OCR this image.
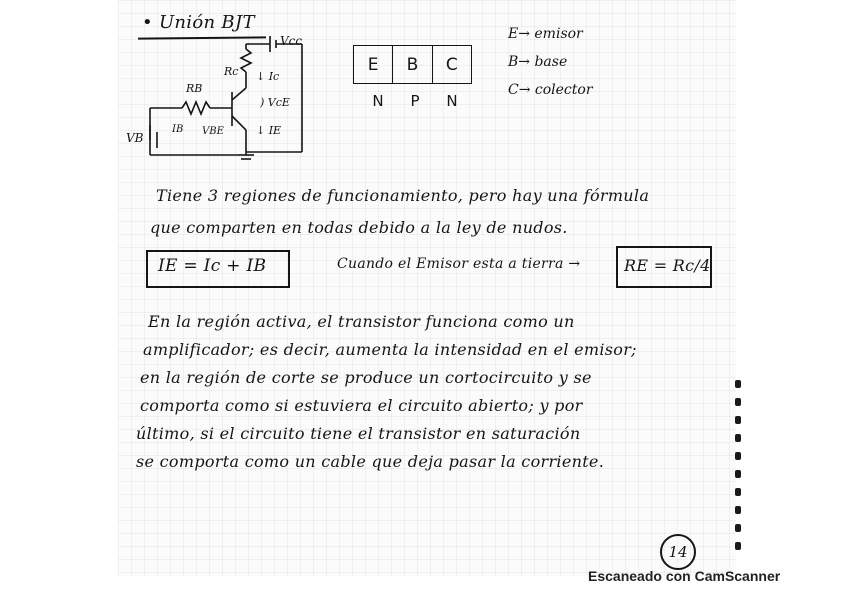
• Unión BJT
Vcc
Rc ↓ Ic
RB
) VcE
IB VBE	↓ IE
VB
E	B	C
N	P	N
E→ emisor
B→ base
C→ colector
Tiene 3 regiones de funcionamiento, pero hay una fórmula
que comparten en todas debido a la ley de nudos.
IE = Ic + IB	Cuando el Emisor esta a tierra →	RE = Rc/4
En la región activa, el transistor funciona como un
amplificador; es decir, aumenta la intensidad en el emisor;
en la región de corte se produce un cortocircuito y se
comporta como si estuviera el circuito abierto; y por
último, si el circuito tiene el transistor en saturación
se comporta como un cable que deja pasar la corriente.
14
Escaneado con CamScanner
